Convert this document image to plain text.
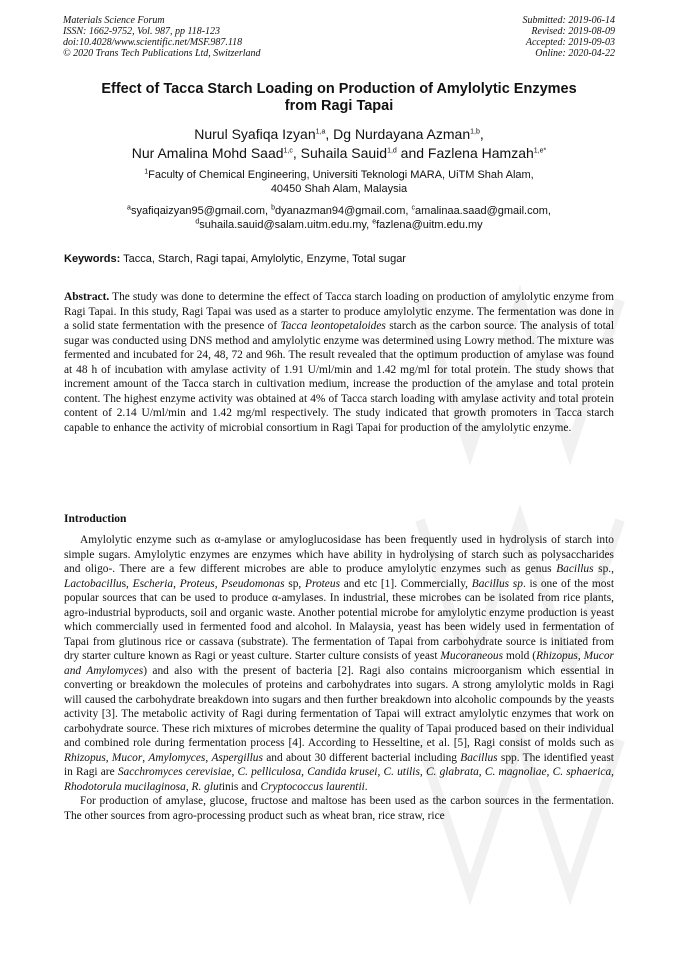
Materials Science Forum
ISSN: 1662-9752, Vol. 987, pp 118-123
doi:10.4028/www.scientific.net/MSF.987.118
© 2020 Trans Tech Publications Ltd, Switzerland
Submitted: 2019-06-14
Revised: 2019-08-09
Accepted: 2019-09-03
Online: 2020-04-22
Effect of Tacca Starch Loading on Production of Amylolytic Enzymes
from Ragi Tapai
Nurul Syafiqa Izyan$^{1,a}$, Dg Nurdayana Azman$^{1,b}$,
Nur Amalina Mohd Saad$^{1,c}$, Suhaila Sauid$^{1,d}$ and Fazlena Hamzah$^{1,e*}$
$^1$Faculty of Chemical Engineering, Universiti Teknologi MARA, UiTM Shah Alam,
40450 Shah Alam, Malaysia
$^a$syafiqaizyan95@gmail.com, $^b$dyanazman94@gmail.com, $^c$amalinaa.saad@gmail.com,
$^d$suhaila.sauid@salam.uitm.edu.my, $^e$fazlena@uitm.edu.my
Keywords: Tacca, Starch, Ragi tapai, Amylolytic, Enzyme, Total sugar

Abstract. The study was done to determine the effect of Tacca starch loading on production of amylolytic enzyme from Ragi Tapai. In this study, Ragi Tapai was used as a starter to produce amylolytic enzyme. The fermentation was done in a solid state fermentation with the presence of Tacca leontopetaloides starch as the carbon source. The analysis of total sugar was conducted using DNS method and amylolytic enzyme was determined using Lowry method. The mixture was fermented and incubated for 24, 48, 72 and 96h. The result revealed that the optimum production of amylase was found at 48 h of incubation with amylase activity of 1.91 U/ml/min and 1.42 mg/ml for total protein. The study shows that increment amount of the Tacca starch in cultivation medium, increase the production of the amylase and total protein content. The highest enzyme activity was obtained at 4% of Tacca starch loading with amylase activity and total protein content of 2.14 U/ml/min and 1.42 mg/ml respectively. The study indicated that growth promoters in Tacca starch capable to enhance the activity of microbial consortium in Ragi Tapai for production of the amylolytic enzyme.

Introduction

Amylolytic enzyme such as α-amylase or amyloglucosidase has been frequently used in hydrolysis of starch into simple sugars. Amylolytic enzymes are enzymes which have ability in hydrolysing of starch such as polysaccharides and oligo-. There are a few different microbes are able to produce amylolytic enzymes such as genus Bacillus sp., Lactobacillus, Escheria, Proteus, Pseudomonas sp, Proteus and etc [1]. Commercially, Bacillus sp. is one of the most popular sources that can be used to produce α-amylases. In industrial, these microbes can be isolated from rice plants, agro-industrial byproducts, soil and organic waste. Another potential microbe for amylolytic enzyme production is yeast which commercially used in fermented food and alcohol. In Malaysia, yeast has been widely used in fermentation of Tapai from glutinous rice or cassava (substrate). The fermentation of Tapai from carbohydrate source is initiated from dry starter culture known as Ragi or yeast culture. Starter culture consists of yeast Mucoraneous mold (Rhizopus, Mucor and Amylomyces) and also with the present of bacteria [2]. Ragi also contains microorganism which essential in converting or breakdown the molecules of proteins and carbohydrates into sugars. A strong amylolytic molds in Ragi will caused the carbohydrate breakdown into sugars and then further breakdown into alcoholic compounds by the yeasts activity [3]. The metabolic activity of Ragi during fermentation of Tapai will extract amylolytic enzymes that work on carbohydrate source. These rich mixtures of microbes determine the quality of Tapai produced based on their individual and combined role during fermentation process [4]. According to Hesseltine, et al. [5], Ragi consist of molds such as Rhizopus, Mucor, Amylomyces, Aspergillus and about 30 different bacterial including Bacillus spp. The identified yeast in Ragi are Sacchromyces cerevisiae, C. pelliculosa, Candida krusei, C. utilis, C. glabrata, C. magnoliae, C. sphaerica, Rhodotorula mucilaginosa, R. glutinis and Cryptococcus laurentii.

For production of amylase, glucose, fructose and maltose has been used as the carbon sources in the fermentation. The other sources from agro-processing product such as wheat bran, rice straw, rice
